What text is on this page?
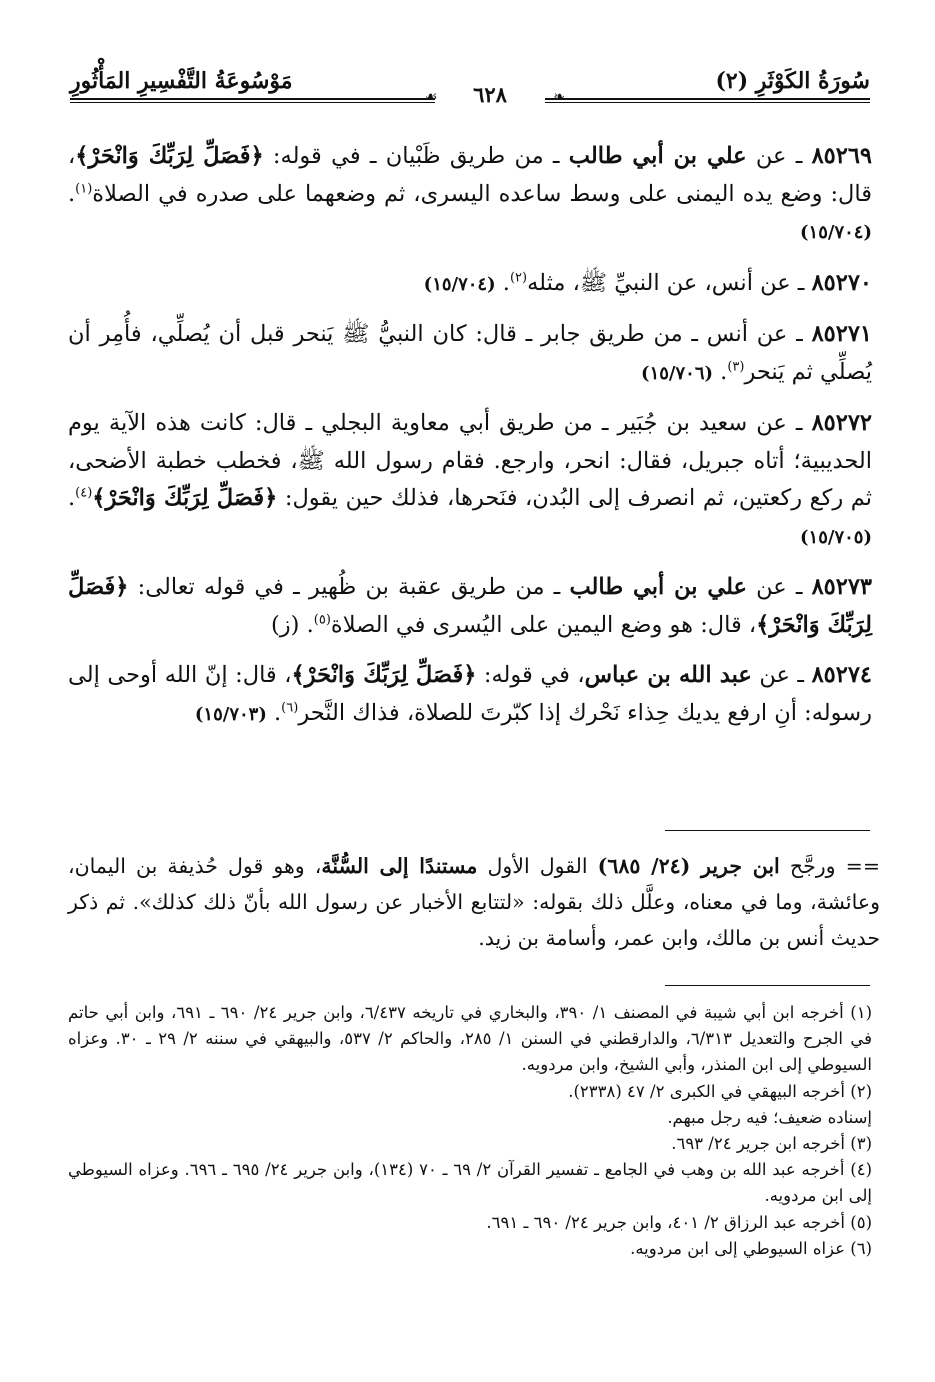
سُورَةُ الكَوْثَرِ (٢)
❧
٦٢٨
☙
مَوْسُوعَةُ التَّفْسِيرِ المَأْثُورِ

٨٥٢٦٩ ـ عن علي بن أبي طالب ـ من طريق ظَبْيان ـ في قوله: ﴿فَصَلِّ لِرَبِّكَ وَانْحَرْ﴾، قال: وضع يده اليمنى على وسط ساعده اليسرى، ثم وضعهما على صدره في الصلاة$^{(١)}$. (١٥/٧٠٤)

٨٥٢٧٠ ـ عن أنس، عن النبيِّ ﷺ، مثله$^{(٢)}$. (١٥/٧٠٤)

٨٥٢٧١ ـ عن أنس ـ من طريق جابر ـ قال: كان النبيُّ ﷺ يَنحر قبل أن يُصلِّي، فأُمِر أن يُصلِّي ثم يَنحر$^{(٣)}$. (١٥/٧٠٦)

٨٥٢٧٢ ـ عن سعيد بن جُبَير ـ من طريق أبي معاوية البجلي ـ قال: كانت هذه الآية يوم الحديبية؛ أتاه جبريل، فقال: انحر، وارجع. فقام رسول الله ﷺ، فخطب خطبة الأضحى، ثم ركع ركعتين، ثم انصرف إلى البُدن، فنَحرها، فذلك حين يقول: ﴿فَصَلِّ لِرَبِّكَ وَانْحَرْ﴾$^{(٤)}$. (١٥/٧٠٥)

٨٥٢٧٣ ـ عن علي بن أبي طالب ـ من طريق عقبة بن ظُهير ـ في قوله تعالى: ﴿فَصَلِّ لِرَبِّكَ وَانْحَرْ﴾، قال: هو وضع اليمين على اليُسرى في الصلاة$^{(٥)}$. (ز)

٨٥٢٧٤ ـ عن عبد الله بن عباس، في قوله: ﴿فَصَلِّ لِرَبِّكَ وَانْحَرْ﴾، قال: إنّ الله أوحى إلى رسوله: أنِ ارفع يديك حِذاء نَحْرك إذا كبّرتَ للصلاة، فذاك النَّحر$^{(٦)}$. (١٥/٧٠٣)

== ورجَّح ابن جرير (٢٤/ ٦٨٥) القول الأول مستندًا إلى السُّنَّة، وهو قول حُذيفة بن اليمان، وعائشة، وما في معناه، وعلَّل ذلك بقوله: «لتتابع الأخبار عن رسول الله بأنّ ذلك كذلك». ثم ذكر حديث أنس بن مالك، وابن عمر، وأسامة بن زيد.

(١) أخرجه ابن أبي شيبة في المصنف ١/ ٣٩٠، والبخاري في تاريخه ٦/٤٣٧، وابن جرير ٢٤/ ٦٩٠ ـ ٦٩١، وابن أبي حاتم في الجرح والتعديل ٦/٣١٣، والدارقطني في السنن ١/ ٢٨٥، والحاكم ٢/ ٥٣٧، والبيهقي في سننه ٢/ ٢٩ ـ ٣٠. وعزاه السيوطي إلى ابن المنذر، وأبي الشيخ، وابن مردويه.

(٢) أخرجه البيهقي في الكبرى ٢/ ٤٧ (٢٣٣٨).

إسناده ضعيف؛ فيه رجل مبهم.

(٣) أخرجه ابن جرير ٢٤/ ٦٩٣.

(٤) أخرجه عبد الله بن وهب في الجامع ـ تفسير القرآن ٢/ ٦٩ ـ ٧٠ (١٣٤)، وابن جرير ٢٤/ ٦٩٥ ـ ٦٩٦. وعزاه السيوطي إلى ابن مردويه.

(٥) أخرجه عبد الرزاق ٢/ ٤٠١، وابن جرير ٢٤/ ٦٩٠ ـ ٦٩١.

(٦) عزاه السيوطي إلى ابن مردويه.
